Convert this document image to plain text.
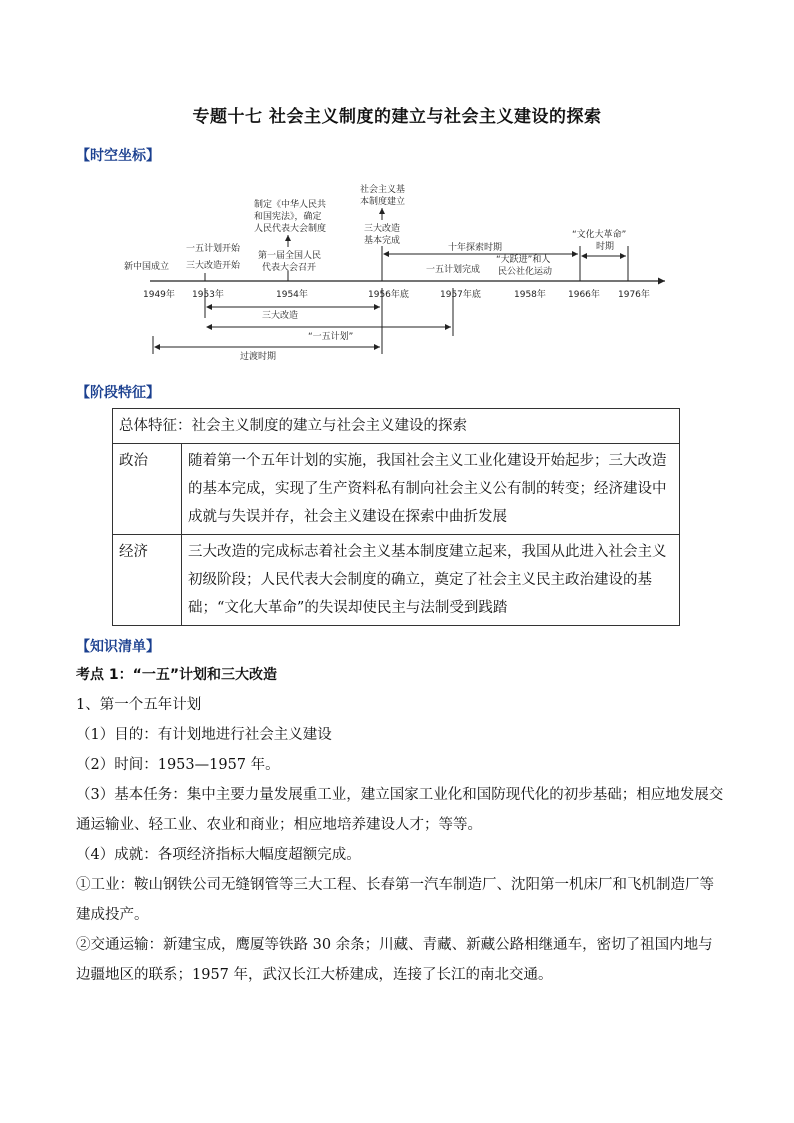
专题十七 社会主义制度的建立与社会主义建设的探索
【时空坐标】
1949年 1953年	1954年	1956年底	1957年底	1958年 1966年 1976年
新中国成立
一五计划开始
三大改造开始
制定《中华人民共
和国宪法》，确定
人民代表大会制度
第一届全国人民
代表大会召开
社会主义基
本制度建立
三大改造
基本完成
十年探索时期
一五计划完成
“大跃进”和人
民公社化运动
“文化大革命”
时期
三大改造
“一五计划”
过渡时期
【阶段特征】
总体特征：社会主义制度的建立与社会主义建设的探索	
政治	随着第一个五年计划的实施，我国社会主义工业化建设开始起步；三大改造的基本完成，实现了生产资料私有制向社会主义公有制的转变；经济建设中成就与失误并存，社会主义建设在探索中曲折发展
经济	三大改造的完成标志着社会主义基本制度建立起来，我国从此进入社会主义初级阶段；人民代表大会制度的确立，奠定了社会主义民主政治建设的基础；“文化大革命”的失误却使民主与法制受到践踏
【知识清单】

考点 1：“一五”计划和三大改造

1、第一个五年计划

（1）目的：有计划地进行社会主义建设

（2）时间：1953—1957 年。

（3）基本任务：集中主要力量发展重工业，建立国家工业化和国防现代化的初步基础；相应地发展交通运输业、轻工业、农业和商业；相应地培养建设人才；等等。

（4）成就：各项经济指标大幅度超额完成。

①工业：鞍山钢铁公司无缝钢管等三大工程、长春第一汽车制造厂、沈阳第一机床厂和飞机制造厂等建成投产。

②交通运输：新建宝成，鹰厦等铁路 30 余条；川藏、青藏、新藏公路相继通车，密切了祖国内地与边疆地区的联系；1957 年，武汉长江大桥建成，连接了长江的南北交通。
